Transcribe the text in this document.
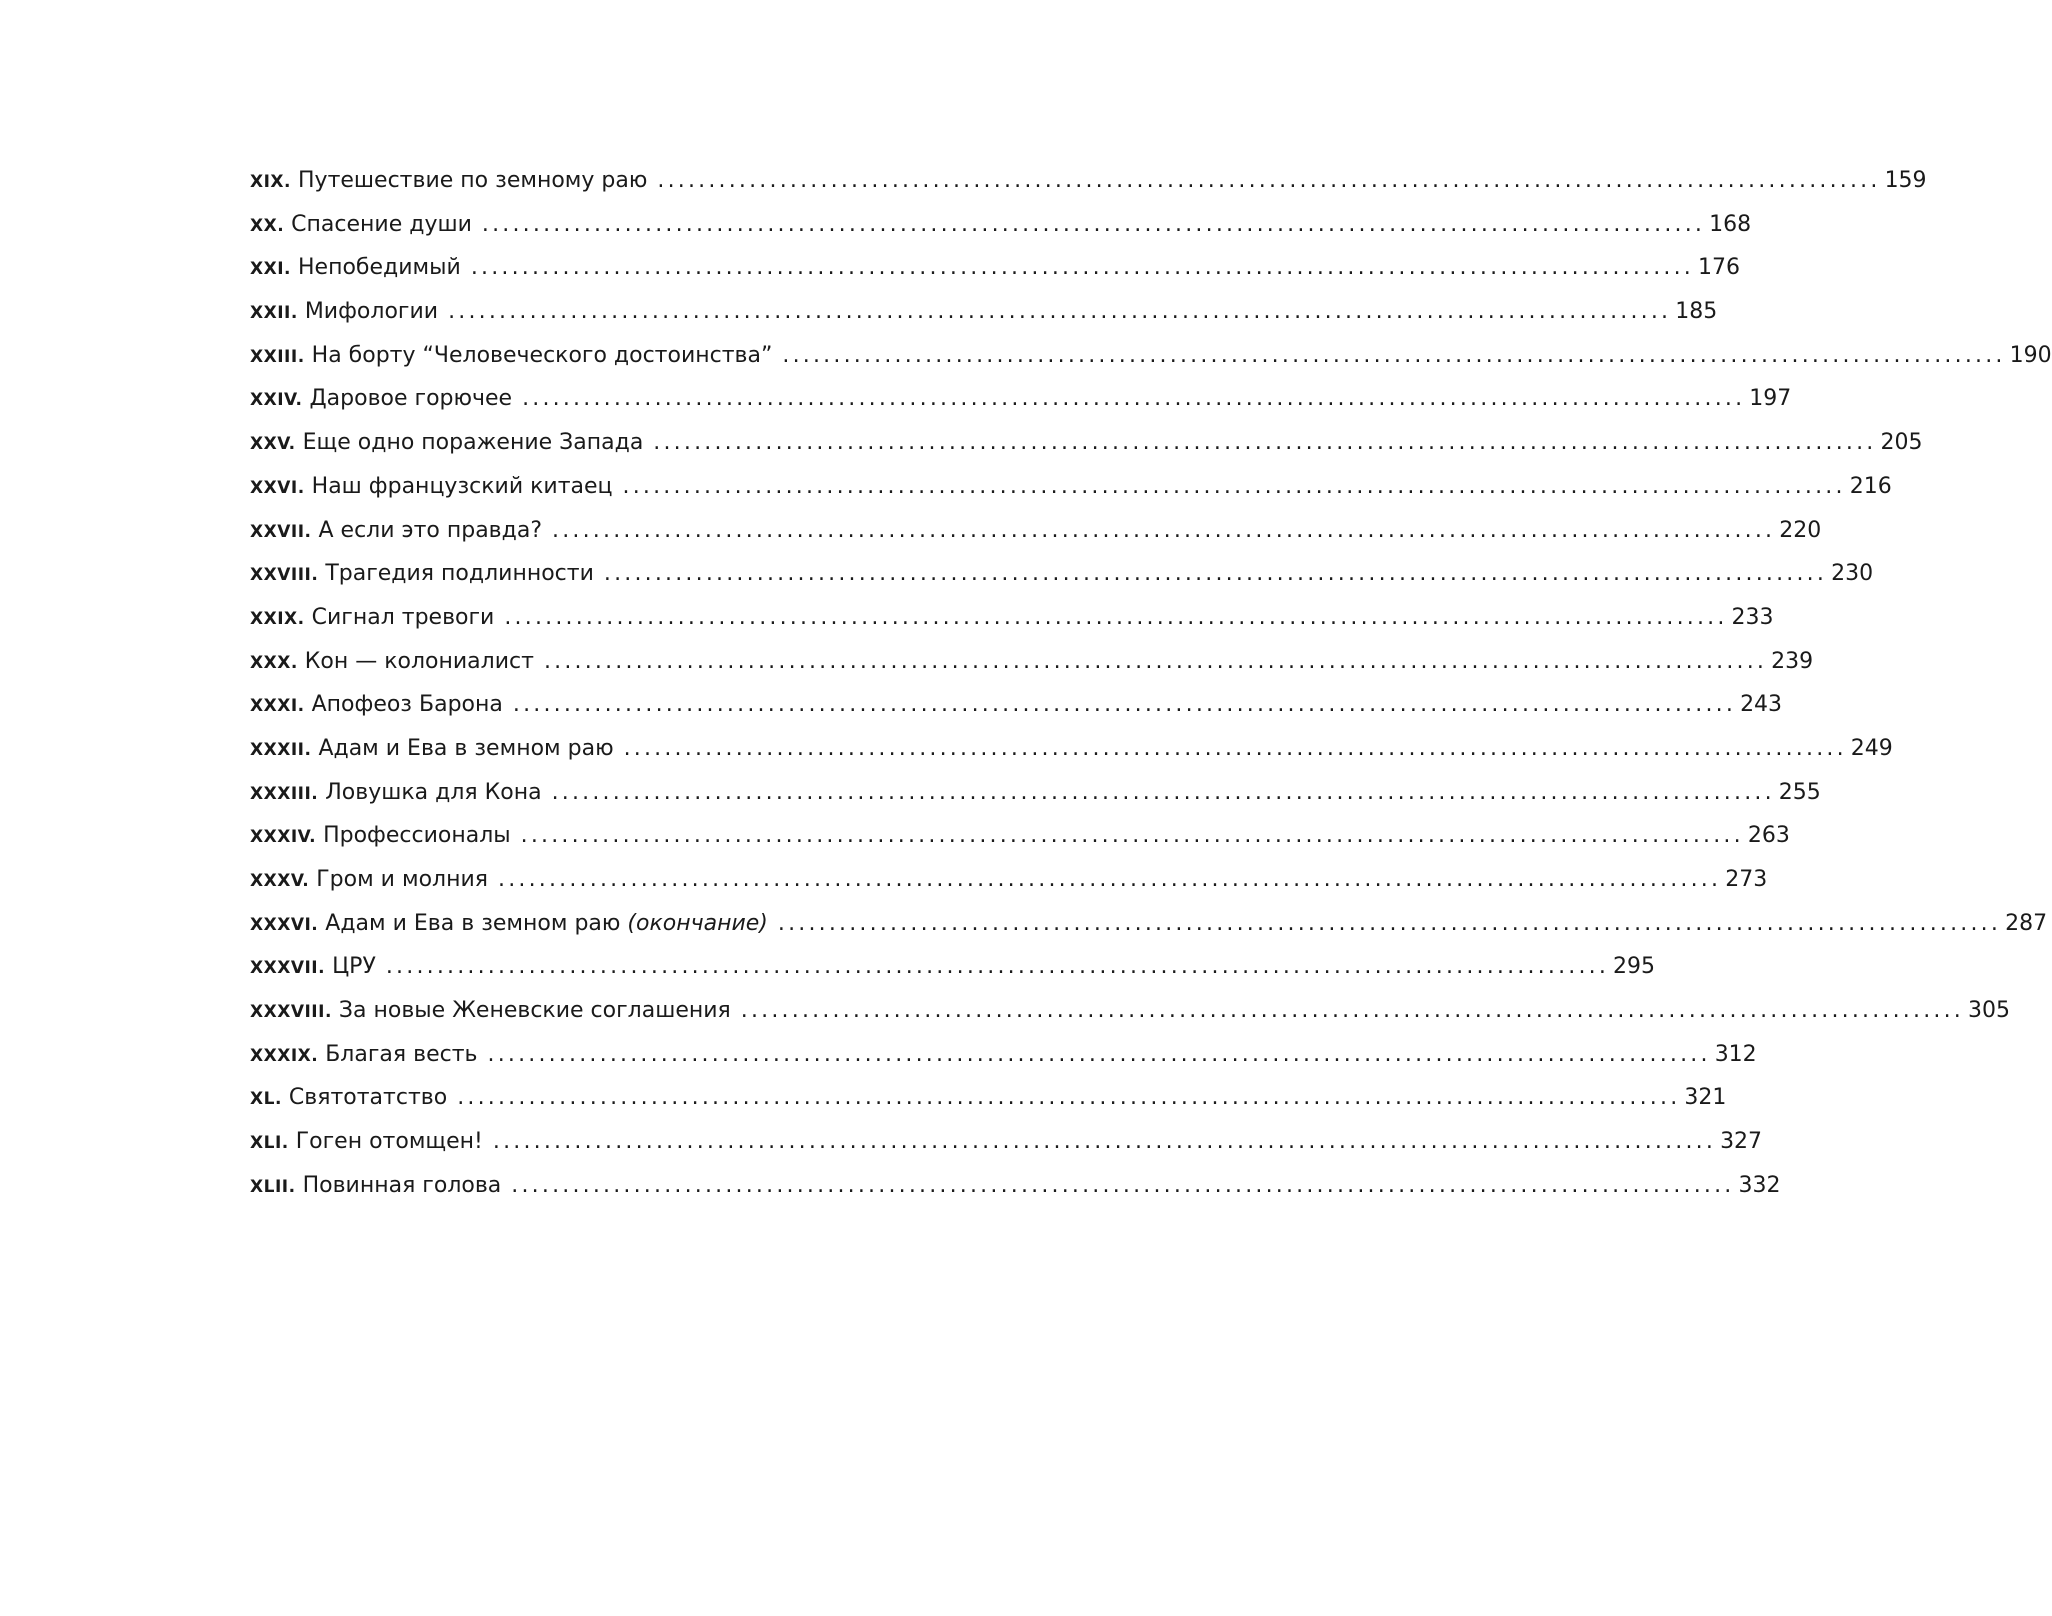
XIX. Путешествие по земному раю ........................................................................................................................ 159
XX. Спасение души ........................................................................................................................ 168
XXI. Непобедимый ........................................................................................................................ 176
XXII. Мифологии ........................................................................................................................ 185
XXIII. На борту “Человеческого достоинства” ........................................................................................................................ 190
XXIV. Даровое горючее ........................................................................................................................ 197
XXV. Еще одно поражение Запада ........................................................................................................................ 205
XXVI. Наш французский китаец ........................................................................................................................ 216
XXVII. А если это правда? ........................................................................................................................ 220
XXVIII. Трагедия подлинности ........................................................................................................................ 230
XXIX. Сигнал тревоги ........................................................................................................................ 233
XXX. Кон — колониалист ........................................................................................................................ 239
XXXI. Апофеоз Барона ........................................................................................................................ 243
XXXII. Адам и Ева в земном раю ........................................................................................................................ 249
XXXIII. Ловушка для Кона ........................................................................................................................ 255
XXXIV. Профессионалы ........................................................................................................................ 263
XXXV. Гром и молния ........................................................................................................................ 273
XXXVI. Адам и Ева в земном раю (окончание) ........................................................................................................................ 287
XXXVII. ЦРУ ........................................................................................................................ 295
XXXVIII. За новые Женевские соглашения ........................................................................................................................ 305
XXXIX. Благая весть ........................................................................................................................ 312
XL. Святотатство ........................................................................................................................ 321
XLI. Гоген отомщен! ........................................................................................................................ 327
XLII. Повинная голова ........................................................................................................................ 332
